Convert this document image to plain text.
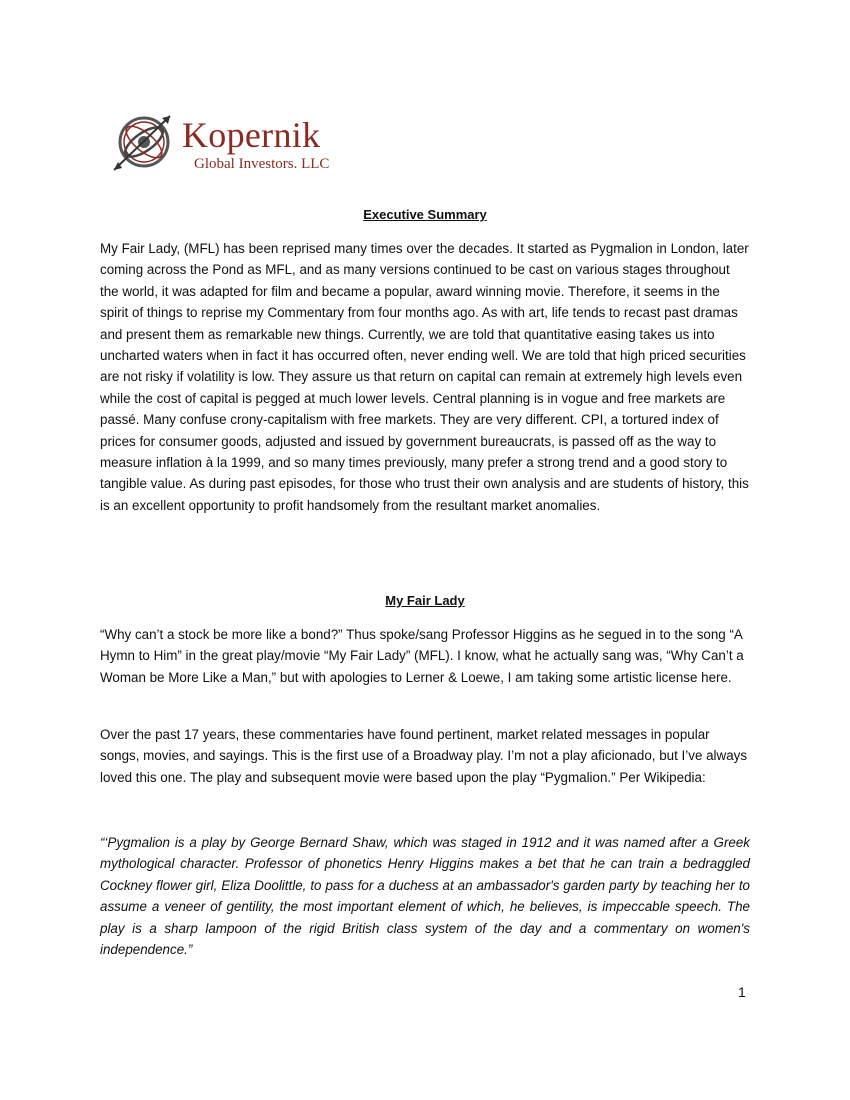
Kopernik
Global Investors. LLC
Executive Summary

My Fair Lady, (MFL) has been reprised many times over the decades. It started as Pygmalion in London, later coming across the Pond as MFL, and as many versions continued to be cast on various stages throughout the world, it was adapted for film and became a popular, award winning movie. Therefore, it seems in the spirit of things to reprise my Commentary from four months ago. As with art, life tends to recast past dramas and present them as remarkable new things. Currently, we are told that quantitative easing takes us into uncharted waters when in fact it has occurred often, never ending well. We are told that high priced securities are not risky if volatility is low. They assure us that return on capital can remain at extremely high levels even while the cost of capital is pegged at much lower levels. Central planning is in vogue and free markets are passé. Many confuse crony-capitalism with free markets. They are very different. CPI, a tortured index of prices for consumer goods, adjusted and issued by government bureaucrats, is passed off as the way to measure inflation à la 1999, and so many times previously, many prefer a strong trend and a good story to tangible value. As during past episodes, for those who trust their own analysis and are students of history, this is an excellent opportunity to profit handsomely from the resultant market anomalies.

My Fair Lady

“Why can’t a stock be more like a bond?” Thus spoke/sang Professor Higgins as he segued in to the song “A Hymn to Him” in the great play/movie “My Fair Lady” (MFL). I know, what he actually sang was, “Why Can’t a Woman be More Like a Man,” but with apologies to Lerner & Loewe, I am taking some artistic license here.

Over the past 17 years, these commentaries have found pertinent, market related messages in popular songs, movies, and sayings. This is the first use of a Broadway play. I’m not a play aficionado, but I’ve always loved this one. The play and subsequent movie were based upon the play “Pygmalion.” Per Wikipedia:

“‘Pygmalion is a play by George Bernard Shaw, which was staged in 1912 and it was named after a Greek mythological character. Professor of phonetics Henry Higgins makes a bet that he can train a bedraggled Cockney flower girl, Eliza Doolittle, to pass for a duchess at an ambassador's garden party by teaching her to assume a veneer of gentility, the most important element of which, he believes, is impeccable speech. The play is a sharp lampoon of the rigid British class system of the day and a commentary on women's independence.”

1
